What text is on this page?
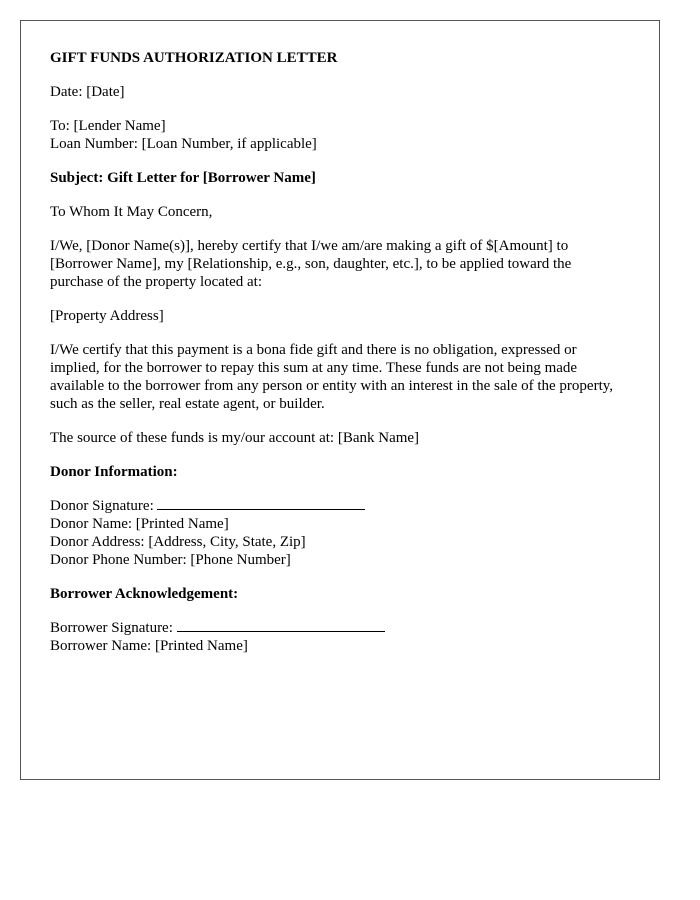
GIFT FUNDS AUTHORIZATION LETTER

Date: [Date]

To: [Lender Name]
Loan Number: [Loan Number, if applicable]

Subject: Gift Letter for [Borrower Name]

To Whom It May Concern,

I/We, [Donor Name(s)], hereby certify that I/we am/are making a gift of $[Amount] to [Borrower Name], my [Relationship, e.g., son, daughter, etc.], to be applied toward the purchase of the property located at:

[Property Address]

I/We certify that this payment is a bona fide gift and there is no obligation, expressed or implied, for the borrower to repay this sum at any time. These funds are not being made available to the borrower from any person or entity with an interest in the sale of the property, such as the seller, real estate agent, or builder.

The source of these funds is my/our account at: [Bank Name]

Donor Information:

Donor Signature:
Donor Name: [Printed Name]
Donor Address: [Address, City, State, Zip]
Donor Phone Number: [Phone Number]

Borrower Acknowledgement:

Borrower Signature:
Borrower Name: [Printed Name]
